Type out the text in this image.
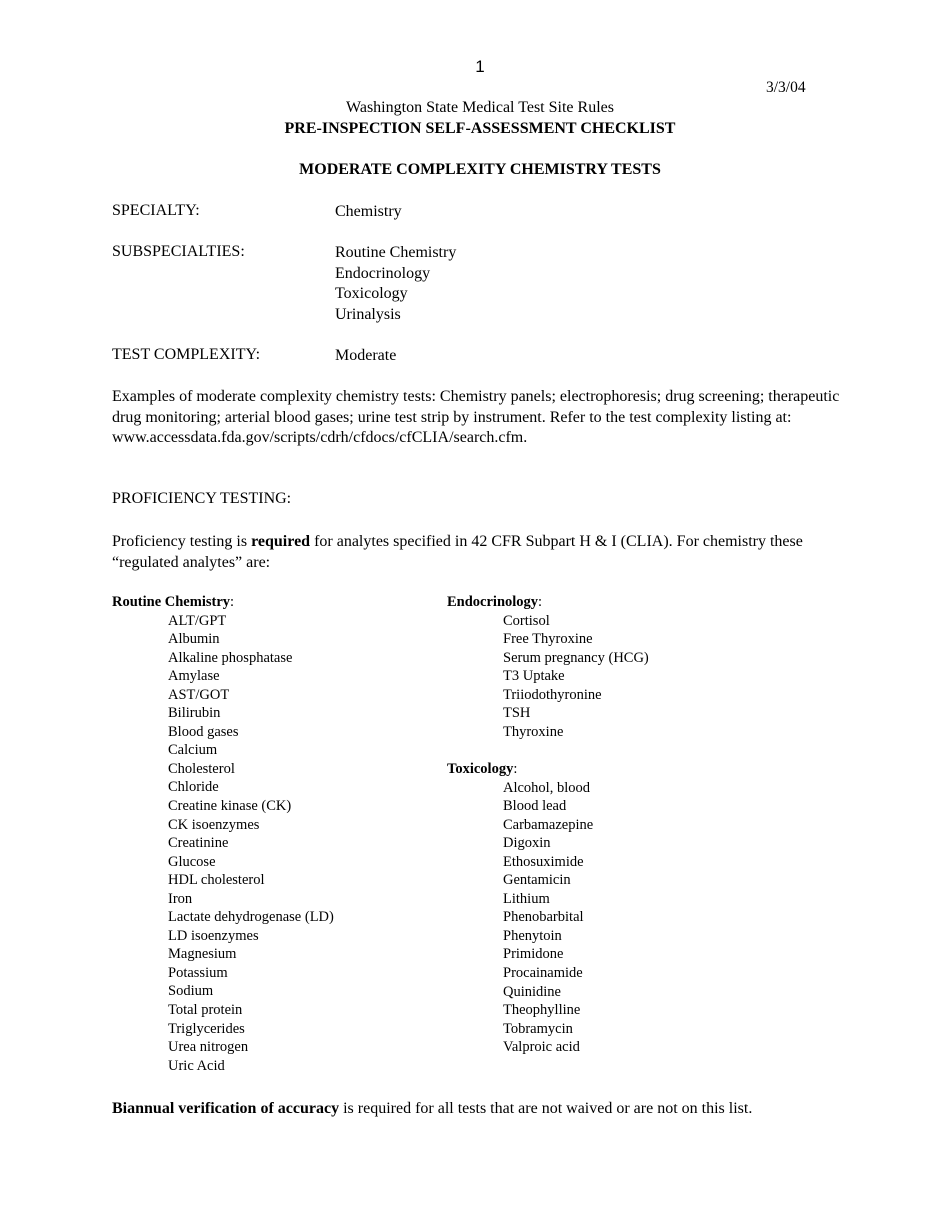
1
3/3/04
Washington State Medical Test Site Rules
PRE-INSPECTION SELF-ASSESSMENT CHECKLIST
MODERATE COMPLEXITY CHEMISTRY TESTS
SPECIALTY:	Chemistry
SUBSPECIALTIES:	Routine Chemistry
Endocrinology
Toxicology
Urinalysis
TEST COMPLEXITY:	Moderate
Examples of moderate complexity chemistry tests: Chemistry panels; electrophoresis; drug screening; therapeutic drug monitoring; arterial blood gases; urine test strip by instrument. Refer to the test complexity listing at: www.accessdata.fda.gov/scripts/cdrh/cfdocs/cfCLIA/search.cfm.
PROFICIENCY TESTING:
Proficiency testing is required for analytes specified in 42 CFR Subpart H & I (CLIA). For chemistry these “regulated analytes” are:
Routine Chemistry:
ALT/GPT
Albumin
Alkaline phosphatase
Amylase
AST/GOT
Bilirubin
Blood gases
Calcium
Cholesterol
Chloride
Creatine kinase (CK)
CK isoenzymes
Creatinine
Glucose
HDL cholesterol
Iron
Lactate dehydrogenase (LD)
LD isoenzymes
Magnesium
Potassium
Sodium
Total protein
Triglycerides
Urea nitrogen
Uric Acid
Endocrinology:
Cortisol
Free Thyroxine
Serum pregnancy (HCG)
T3 Uptake
Triiodothyronine
TSH
Thyroxine
Toxicology:
Alcohol, blood
Blood lead
Carbamazepine
Digoxin
Ethosuximide
Gentamicin
Lithium
Phenobarbital
Phenytoin
Primidone
Procainamide
Quinidine
Theophylline
Tobramycin
Valproic acid
Biannual verification of accuracy is required for all tests that are not waived or are not on this list.
